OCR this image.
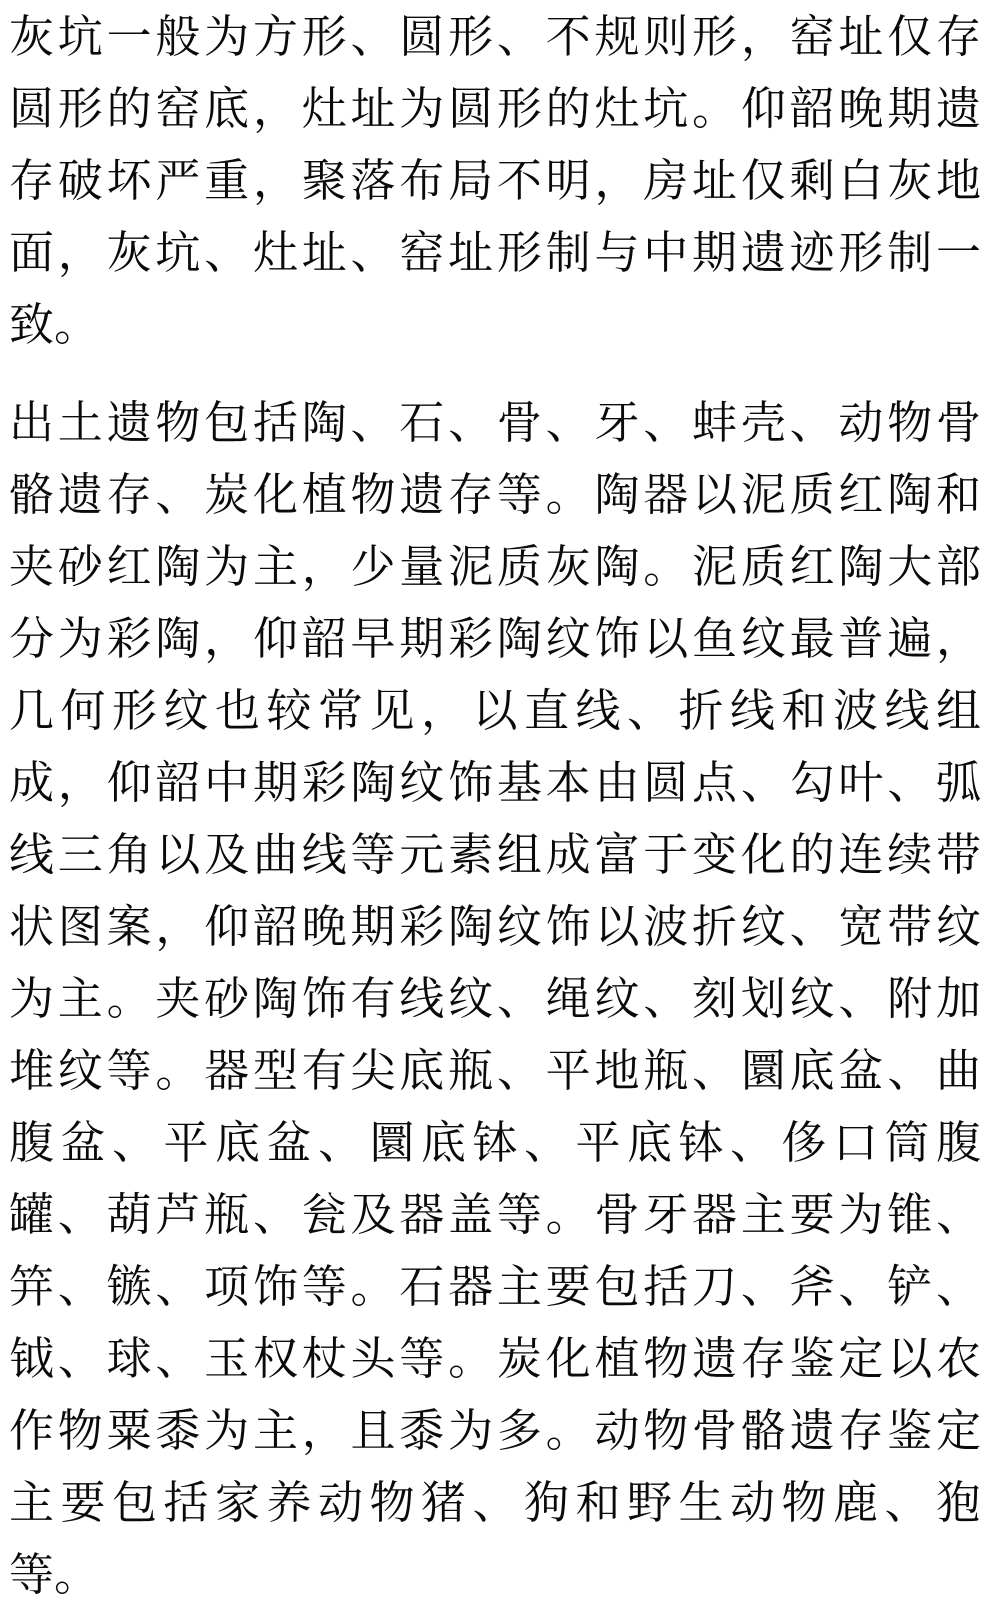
灰坑一般为方形、圆形、不规则形，窑址仅存
圆形的窑底，灶址为圆形的灶坑。仰韶晚期遗
存破坏严重，聚落布局不明，房址仅剩白灰地
面，灰坑、灶址、窑址形制与中期遗迹形制一
致。

出土遗物包括陶、石、骨、牙、蚌壳、动物骨
骼遗存、炭化植物遗存等。陶器以泥质红陶和
夹砂红陶为主，少量泥质灰陶。泥质红陶大部
分为彩陶，仰韶早期彩陶纹饰以鱼纹最普遍，
几何形纹也较常见，以直线、折线和波线组
成，仰韶中期彩陶纹饰基本由圆点、勾叶、弧
线三角以及曲线等元素组成富于变化的连续带
状图案，仰韶晚期彩陶纹饰以波折纹、宽带纹
为主。夹砂陶饰有线纹、绳纹、刻划纹、附加
堆纹等。器型有尖底瓶、平地瓶、圜底盆、曲
腹盆、平底盆、圜底钵、平底钵、侈口筒腹
罐、葫芦瓶、瓮及器盖等。骨牙器主要为锥、
笄、镞、项饰等。石器主要包括刀、斧、铲、
钺、球、玉权杖头等。炭化植物遗存鉴定以农
作物粟黍为主，且黍为多。动物骨骼遗存鉴定
主要包括家养动物猪、狗和野生动物鹿、狍
等。
